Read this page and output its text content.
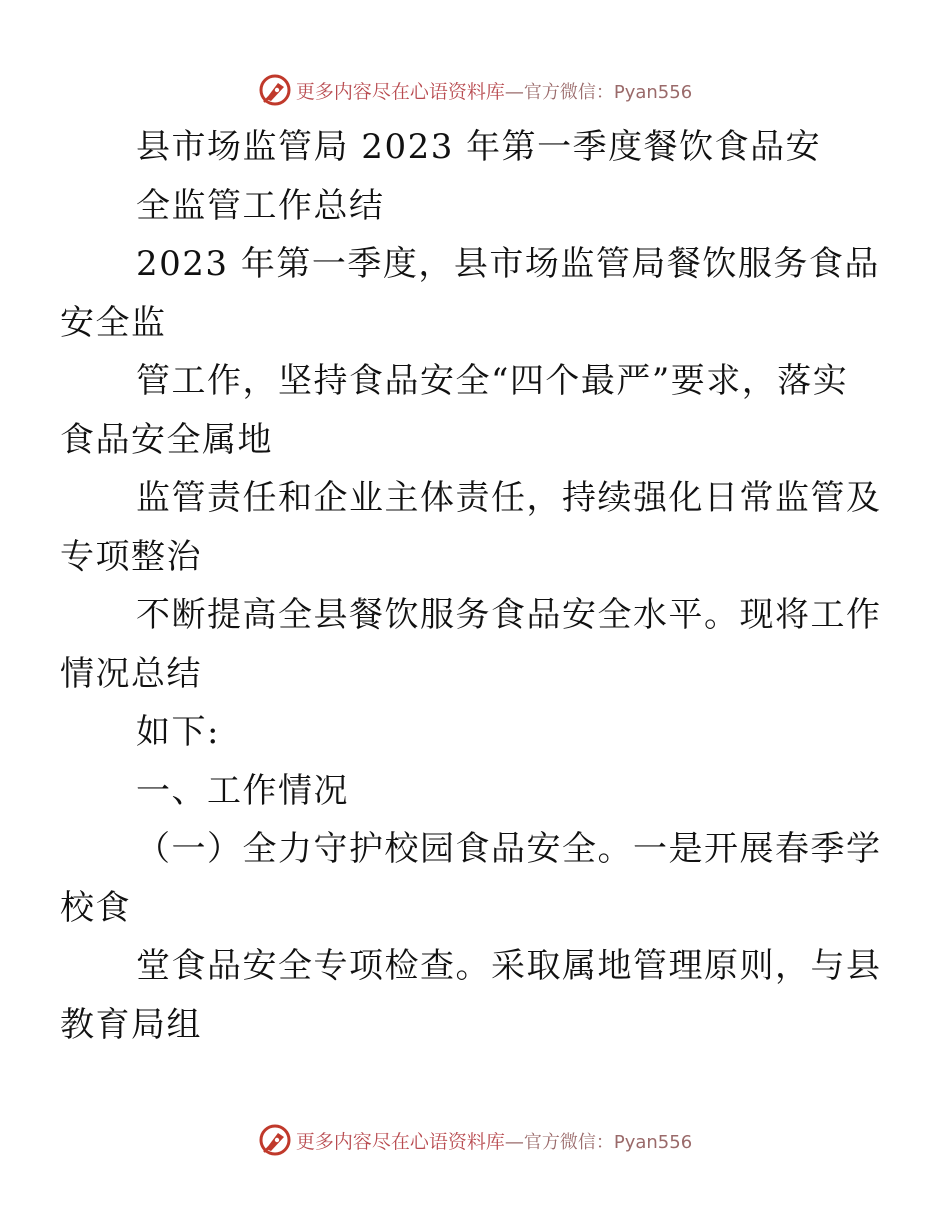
更多内容尽在心语资料库—官方微信：Pyan556

县市场监管局 2023 年第一季度餐饮食品安
全监管工作总结

2023 年第一季度，县市场监管局餐饮服务食品
安全监

管工作，坚持食品安全“四个最严”要求，落实
食品安全属地

监管责任和企业主体责任，持续强化日常监管及
专项整治

不断提高全县餐饮服务食品安全水平。现将工作
情况总结

如下:

一、工作情况

（一）全力守护校园食品安全。一是开展春季学
校食

堂食品安全专项检查。采取属地管理原则，与县
教育局组

更多内容尽在心语资料库—官方微信：Pyan556
